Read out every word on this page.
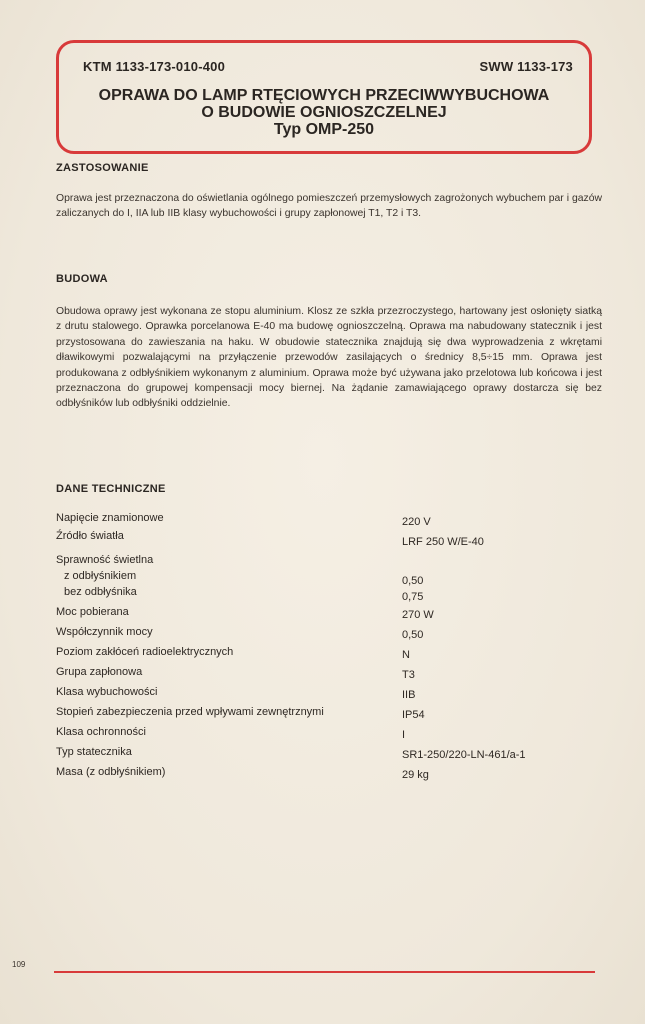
KTM 1133-173-010-400	SWW 1133-173
OPRAWA DO LAMP RTĘCIOWYCH PRZECIWWYBUCHOWA
O BUDOWIE OGNIOSZCZELNEJ
Typ OMP-250
ZASTOSOWANIE
Oprawa jest przeznaczona do oświetlania ogólnego pomieszczeń przemysłowych zagrożonych wybuchem par i gazów zaliczanych do I, IIA lub IIB klasy wybuchowości i grupy zapłonowej T1, T2 i T3.
BUDOWA
Obudowa oprawy jest wykonana ze stopu aluminium. Klosz ze szkła przezroczystego, hartowany jest osłonięty siatką z drutu stalowego. Oprawka porcelanowa E-40 ma budowę ognioszczelną. Oprawa ma nabudowany statecznik i jest przystosowana do zawieszania na haku. W obudowie statecznika znajdują się dwa wyprowadzenia z wkrętami dławikowymi pozwalającymi na przyłączenie przewodów zasilających o średnicy 8,5÷15 mm. Oprawa jest produkowana z odbłyśnikiem wykonanym z aluminium. Oprawa może być używana jako przelotowa lub końcowa i jest przeznaczona do grupowej kompensacji mocy biernej. Na żądanie zamawiającego oprawy dostarcza się bez odbłyśników lub odbłyśniki oddzielnie.
DANE TECHNICZNE
Napięcie znamionowe	220 V
Źródło światła	LRF 250 W/E-40
Sprawność świetlna
z odbłyśnikiem	0,50
bez odbłyśnika	0,75
Moc pobierana	270 W
Współczynnik mocy	0,50
Poziom zakłóceń radioelektrycznych	N
Grupa zapłonowa	T3
Klasa wybuchowości	IIB
Stopień zabezpieczenia przed wpływami zewnętrznymi	IP54
Klasa ochronności	I
Typ statecznika	SR1-250/220-LN-461/a-1
Masa (z odbłyśnikiem)	29 kg
109
